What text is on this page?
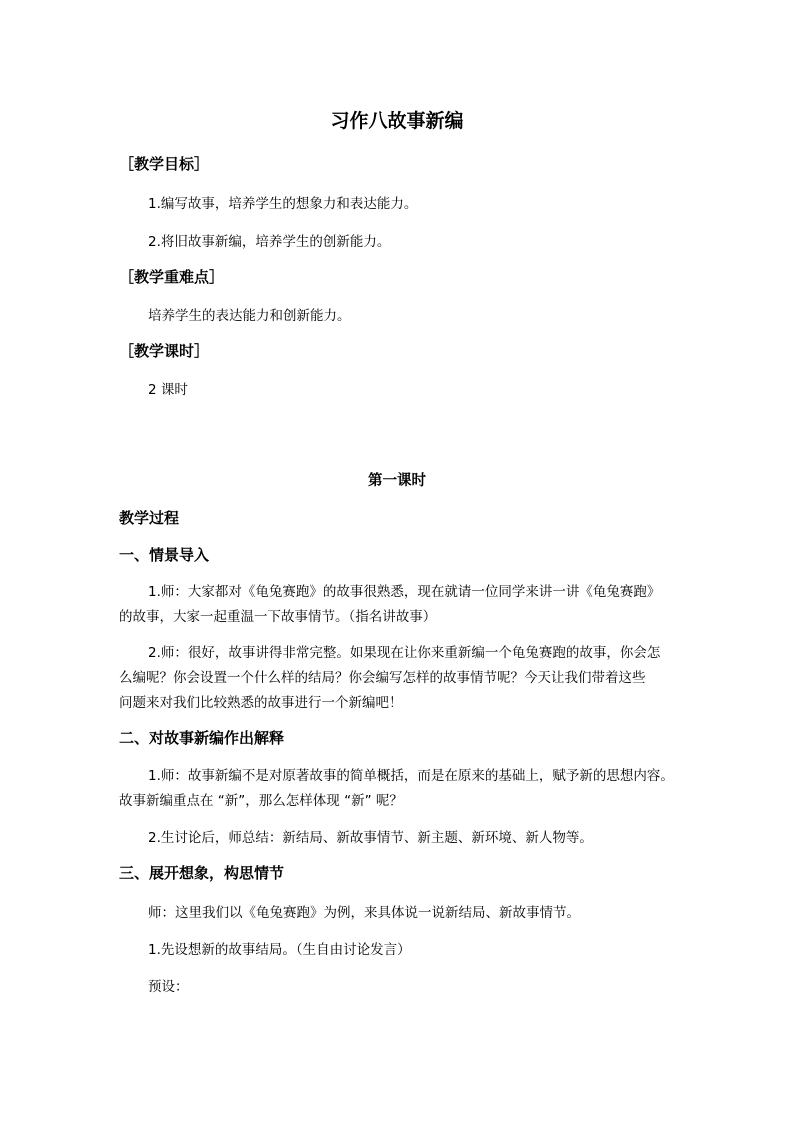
习作八故事新编
［教学目标］
1.编写故事，培养学生的想象力和表达能力。
2.将旧故事新编，培养学生的创新能力。
［教学重难点］
培养学生的表达能力和创新能力。
［教学课时］
2 课时
第一课时
教学过程
一、情景导入
1.师：大家都对《龟兔赛跑》的故事很熟悉，现在就请一位同学来讲一讲《龟兔赛跑》
的故事，大家一起重温一下故事情节。（指名讲故事）
2.师：很好，故事讲得非常完整。如果现在让你来重新编一个龟兔赛跑的故事，你会怎
么编呢？你会设置一个什么样的结局？你会编写怎样的故事情节呢？今天让我们带着这些
问题来对我们比较熟悉的故事进行一个新编吧！
二、对故事新编作出解释
1.师：故事新编不是对原著故事的简单概括，而是在原来的基础上，赋予新的思想内容。
故事新编重点在 “新”，那么怎样体现 “新” 呢？
2.生讨论后，师总结：新结局、新故事情节、新主题、新环境、新人物等。
三、展开想象，构思情节
师：这里我们以《龟兔赛跑》为例，来具体说一说新结局、新故事情节。
1.先设想新的故事结局。（生自由讨论发言）
预设：
